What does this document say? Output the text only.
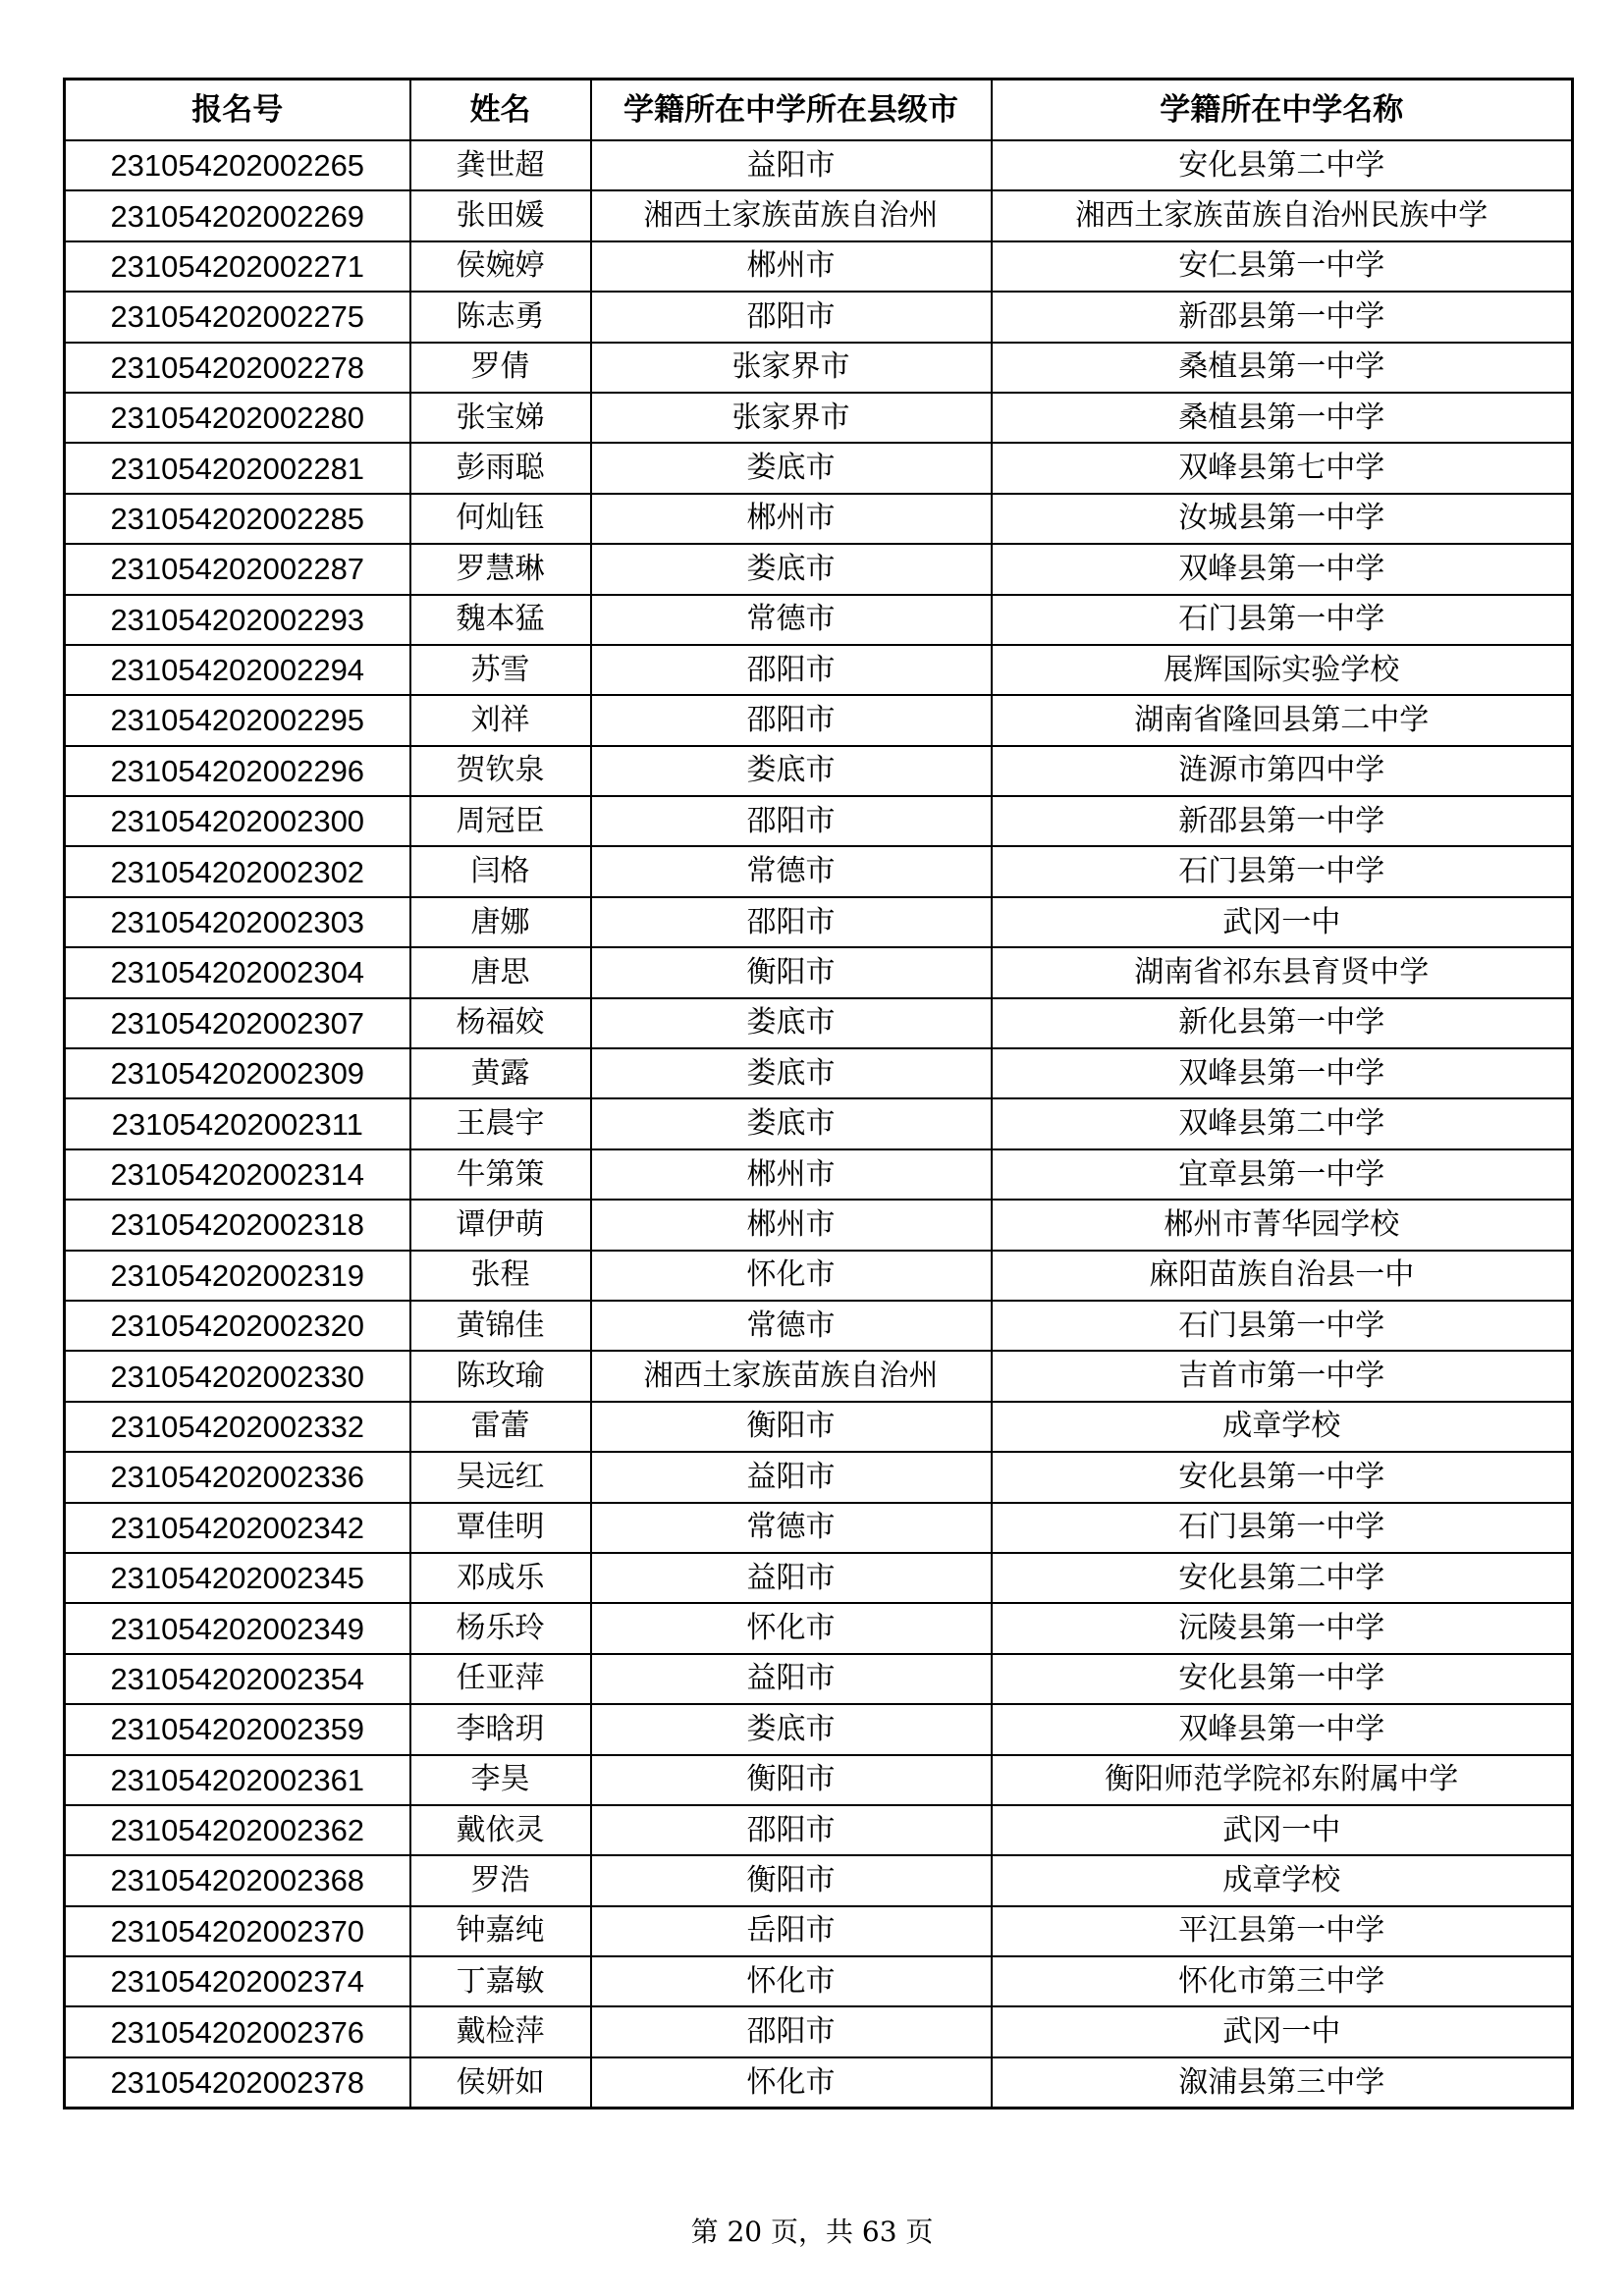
报名号	姓名	学籍所在中学所在县级市	学籍所在中学名称
231054202002265	龚世超	益阳市	安化县第二中学
231054202002269	张田媛	湘西土家族苗族自治州	湘西土家族苗族自治州民族中学
231054202002271	侯婉婷	郴州市	安仁县第一中学
231054202002275	陈志勇	邵阳市	新邵县第一中学
231054202002278	罗倩	张家界市	桑植县第一中学
231054202002280	张宝娣	张家界市	桑植县第一中学
231054202002281	彭雨聪	娄底市	双峰县第七中学
231054202002285	何灿钰	郴州市	汝城县第一中学
231054202002287	罗慧琳	娄底市	双峰县第一中学
231054202002293	魏本猛	常德市	石门县第一中学
231054202002294	苏雪	邵阳市	展辉国际实验学校
231054202002295	刘祥	邵阳市	湖南省隆回县第二中学
231054202002296	贺钦泉	娄底市	涟源市第四中学
231054202002300	周冠臣	邵阳市	新邵县第一中学
231054202002302	闫格	常德市	石门县第一中学
231054202002303	唐娜	邵阳市	武冈一中
231054202002304	唐思	衡阳市	湖南省祁东县育贤中学
231054202002307	杨福姣	娄底市	新化县第一中学
231054202002309	黄露	娄底市	双峰县第一中学
231054202002311	王晨宇	娄底市	双峰县第二中学
231054202002314	牛第策	郴州市	宜章县第一中学
231054202002318	谭伊萌	郴州市	郴州市菁华园学校
231054202002319	张程	怀化市	麻阳苗族自治县一中
231054202002320	黄锦佳	常德市	石门县第一中学
231054202002330	陈玫瑜	湘西土家族苗族自治州	吉首市第一中学
231054202002332	雷蕾	衡阳市	成章学校
231054202002336	吴远红	益阳市	安化县第一中学
231054202002342	覃佳明	常德市	石门县第一中学
231054202002345	邓成乐	益阳市	安化县第二中学
231054202002349	杨乐玲	怀化市	沅陵县第一中学
231054202002354	任亚萍	益阳市	安化县第一中学
231054202002359	李晗玥	娄底市	双峰县第一中学
231054202002361	李昊	衡阳市	衡阳师范学院祁东附属中学
231054202002362	戴依灵	邵阳市	武冈一中
231054202002368	罗浩	衡阳市	成章学校
231054202002370	钟嘉纯	岳阳市	平江县第一中学
231054202002374	丁嘉敏	怀化市	怀化市第三中学
231054202002376	戴检萍	邵阳市	武冈一中
231054202002378	侯妍如	怀化市	溆浦县第三中学
第 20 页，共 63 页
